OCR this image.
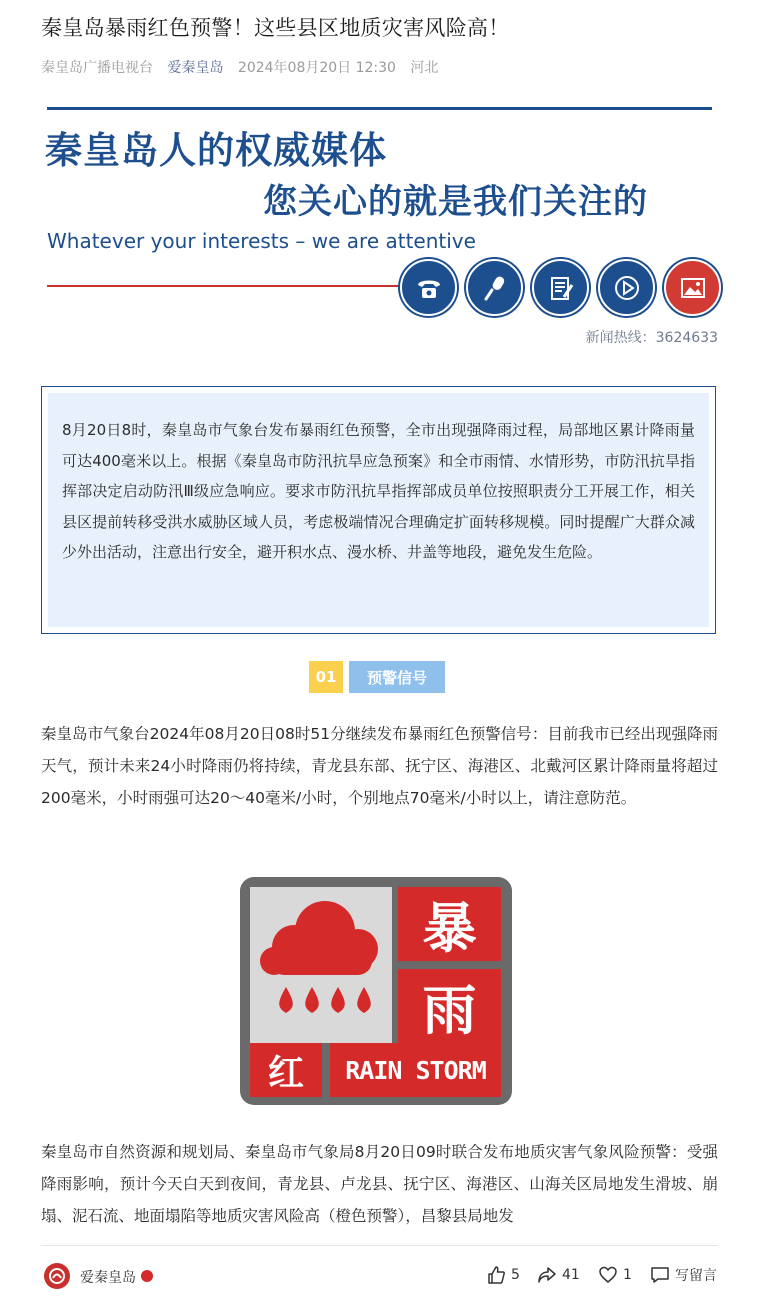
秦皇岛暴雨红色预警！这些县区地质灾害风险高！
秦皇岛广播电视台 爱秦皇岛 2024年08月20日 12:30 河北
秦皇岛人的权威媒体
您关心的就是我们关注的
Whatever your interests – we are attentive
新闻热线：3624633

8月20日8时，秦皇岛市气象台发布暴雨红色预警，全市出现强降雨过程，局部地区累计降雨量可达400毫米以上。根据《秦皇岛市防汛抗旱应急预案》和全市雨情、水情形势，市防汛抗旱指挥部决定启动防汛Ⅲ级应急响应。要求市防汛抗旱指挥部成员单位按照职责分工开展工作，相关县区提前转移受洪水威胁区域人员，考虑极端情况合理确定扩面转移规模。同时提醒广大群众减少外出活动，注意出行安全，避开积水点、漫水桥、井盖等地段，避免发生危险。

01	预警信号

秦皇岛市气象台2024年08月20日08时51分继续发布暴雨红色预警信号：目前我市已经出现强降雨天气，预计未来24小时降雨仍将持续，青龙县东部、抚宁区、海港区、北戴河区累计降雨量将超过200毫米，小时雨强可达20～40毫米/小时，个别地点70毫米/小时以上，请注意防范。

暴
雨
红	RAIN STORM

秦皇岛市自然资源和规划局、秦皇岛市气象局8月20日09时联合发布地质灾害气象风险预警：受强降雨影响，预计今天白天到夜间，青龙县、卢龙县、抚宁区、海港区、山海关区局地发生滑坡、崩塌、泥石流、地面塌陷等地质灾害风险高（橙色预警），昌黎县局地发

爱秦皇岛	5	41	1	写留言
